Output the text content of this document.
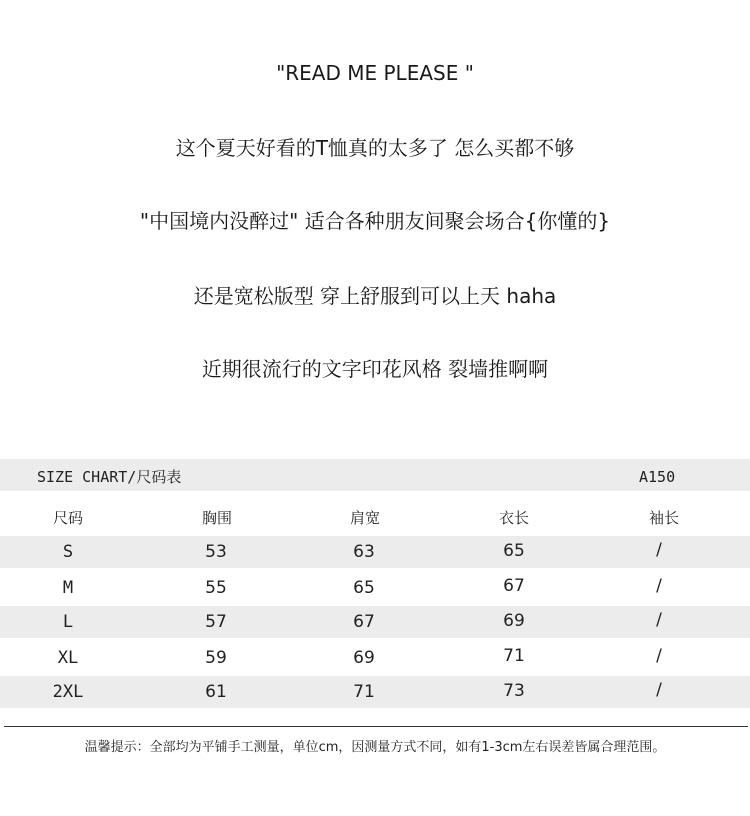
"READ ME PLEASE "
这个夏天好看的T恤真的太多了 怎么买都不够
"中国境内没醉过" 适合各种朋友间聚会场合{你懂的}
还是宽松版型 穿上舒服到可以上天 haha
近期很流行的文字印花风格 裂墙推啊啊
SIZE CHART/尺码表	A150
尺码	胸围	肩宽	衣长	袖长
S	53	63	65	/
M	55	65	67	/
L	57	67	69	/
XL	59	69	71	/
2XL	61	71	73	/
温馨提示：全部均为平铺手工测量，单位cm，因测量方式不同，如有1-3cm左右误差皆属合理范围。
